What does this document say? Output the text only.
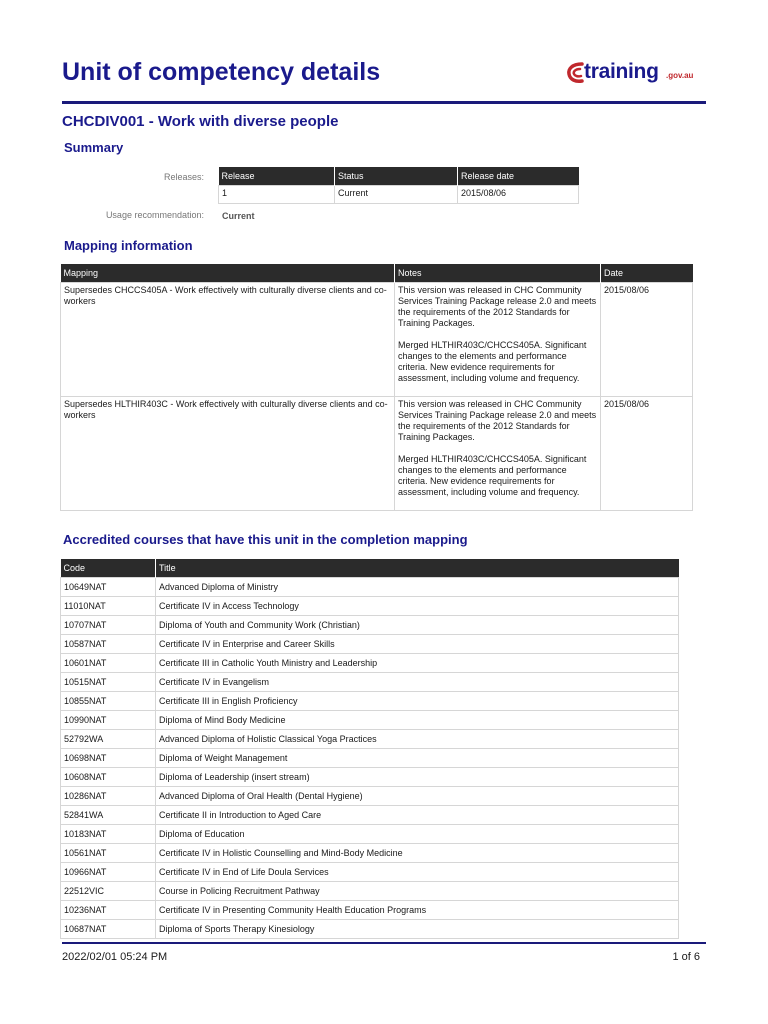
Unit of competency details	training .gov.au
CHCDIV001 - Work with diverse people
Summary
Releases: Release	Status	Release date
1	Current	2015/08/06
Usage recommendation: Current
Mapping information
Mapping	Notes	Date
Supersedes CHCCS405A - Work effectively with culturally diverse clients and co-workers	This version was released in CHC Community Services Training Package release 2.0 and meets the requirements of the 2012 Standards for Training Packages.
Merged HLTHIR403C/CHCCS405A. Significant changes to the elements and performance criteria. New evidence requirements for assessment, including volume and frequency.	2015/08/06
Supersedes HLTHIR403C - Work effectively with culturally diverse clients and co-workers	This version was released in CHC Community Services Training Package release 2.0 and meets the requirements of the 2012 Standards for Training Packages.
Merged HLTHIR403C/CHCCS405A. Significant changes to the elements and performance criteria. New evidence requirements for assessment, including volume and frequency.	2015/08/06
Accredited courses that have this unit in the completion mapping
Code	Title
10649NAT	Advanced Diploma of Ministry
11010NAT	Certificate IV in Access Technology
10707NAT	Diploma of Youth and Community Work (Christian)
10587NAT	Certificate IV in Enterprise and Career Skills
10601NAT	Certificate III in Catholic Youth Ministry and Leadership
10515NAT	Certificate IV in Evangelism
10855NAT	Certificate III in English Proficiency
10990NAT	Diploma of Mind Body Medicine
52792WA	Advanced Diploma of Holistic Classical Yoga Practices
10698NAT	Diploma of Weight Management
10608NAT	Diploma of Leadership (insert stream)
10286NAT	Advanced Diploma of Oral Health (Dental Hygiene)
52841WA	Certificate II in Introduction to Aged Care
10183NAT	Diploma of Education
10561NAT	Certificate IV in Holistic Counselling and Mind-Body Medicine
10966NAT	Certificate IV in End of Life Doula Services
22512VIC	Course in Policing Recruitment Pathway
10236NAT	Certificate IV in Presenting Community Health Education Programs
10687NAT	Diploma of Sports Therapy Kinesiology
2022/02/01 05:24 PM	1 of 6
